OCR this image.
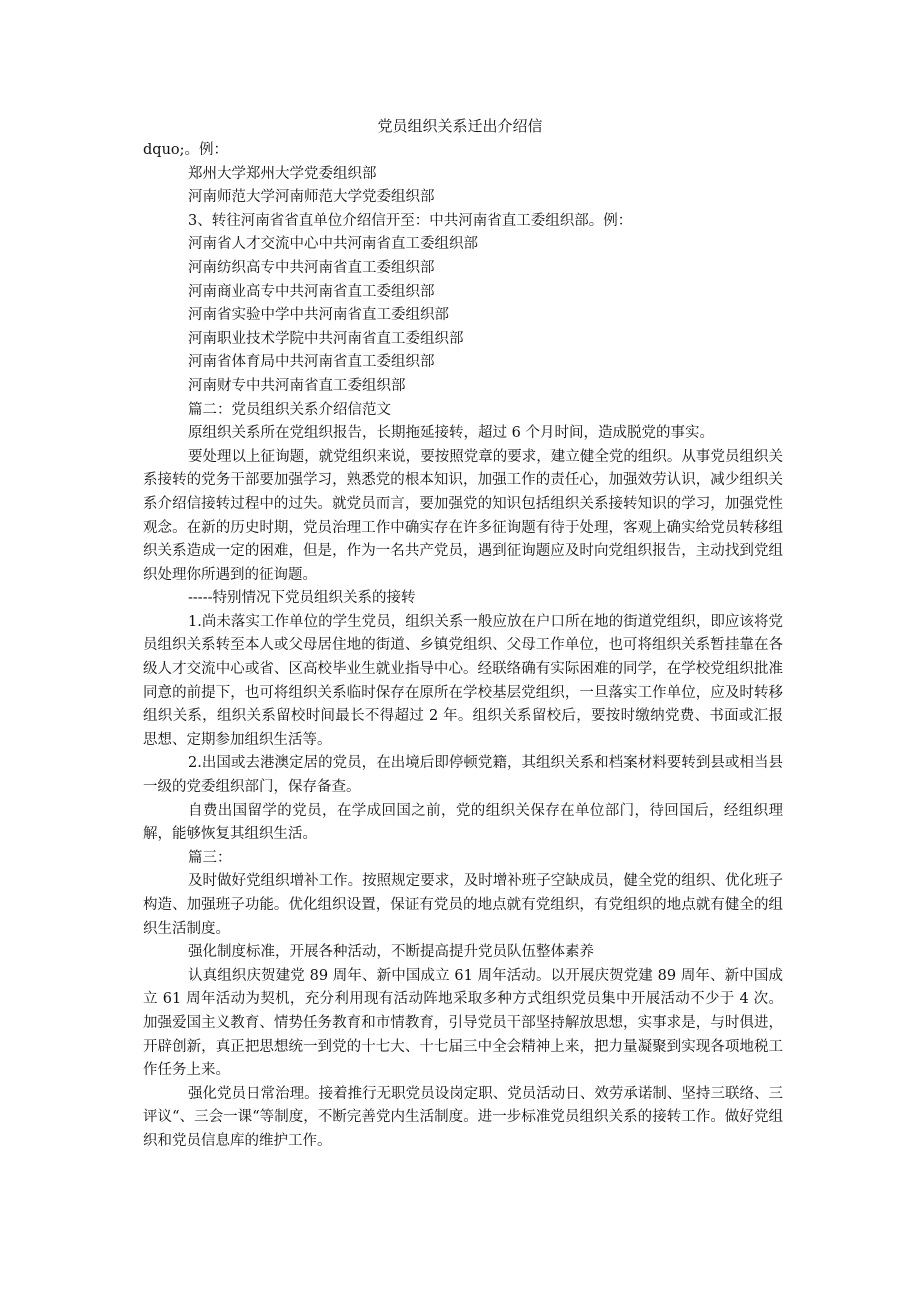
党员组织关系迁出介绍信
dquo;。例：
郑州大学郑州大学党委组织部
河南师范大学河南师范大学党委组织部
3、转往河南省省直单位介绍信开至：中共河南省直工委组织部。例：
河南省人才交流中心中共河南省直工委组织部
河南纺织高专中共河南省直工委组织部
河南商业高专中共河南省直工委组织部
河南省实验中学中共河南省直工委组织部
河南职业技术学院中共河南省直工委组织部
河南省体育局中共河南省直工委组织部
河南财专中共河南省直工委组织部
篇二：党员组织关系介绍信范文
原组织关系所在党组织报告，长期拖延接转，超过 6 个月时间，造成脱党的事实。
要处理以上征询题，就党组织来说，要按照党章的要求，建立健全党的组织。从事党员组织关系接转的党务干部要加强学习，熟悉党的根本知识，加强工作的责任心，加强效劳认识，减少组织关系介绍信接转过程中的过失。就党员而言，要加强党的知识包括组织关系接转知识的学习，加强党性观念。在新的历史时期，党员治理工作中确实存在许多征询题有待于处理，客观上确实给党员转移组织关系造成一定的困难，但是，作为一名共产党员，遇到征询题应及时向党组织报告，主动找到党组织处理你所遇到的征询题。
-----特别情况下党员组织关系的接转
1.尚未落实工作单位的学生党员，组织关系一般应放在户口所在地的街道党组织，即应该将党员组织关系转至本人或父母居住地的街道、乡镇党组织、父母工作单位，也可将组织关系暂挂靠在各级人才交流中心或省、区高校毕业生就业指导中心。经联络确有实际困难的同学，在学校党组织批准同意的前提下，也可将组织关系临时保存在原所在学校基层党组织，一旦落实工作单位，应及时转移组织关系，组织关系留校时间最长不得超过 2 年。组织关系留校后，要按时缴纳党费、书面或汇报思想、定期参加组织生活等。
2.出国或去港澳定居的党员，在出境后即停顿党籍，其组织关系和档案材料要转到县或相当县一级的党委组织部门，保存备查。
自费出国留学的党员，在学成回国之前，党的组织关保存在单位部门，待回国后，经组织理解，能够恢复其组织生活。
篇三：
及时做好党组织增补工作。按照规定要求，及时增补班子空缺成员，健全党的组织、优化班子构造、加强班子功能。优化组织设置，保证有党员的地点就有党组织，有党组织的地点就有健全的组织生活制度。
强化制度标准，开展各种活动，不断提高提升党员队伍整体素养
认真组织庆贺建党 89 周年、新中国成立 61 周年活动。以开展庆贺党建 89 周年、新中国成立 61 周年活动为契机，充分利用现有活动阵地采取多种方式组织党员集中开展活动不少于 4 次。加强爱国主义教育、情势任务教育和市情教育，引导党员干部坚持解放思想，实事求是，与时俱进，开辟创新，真正把思想统一到党的十七大、十七届三中全会精神上来，把力量凝聚到实现各项地税工作任务上来。
强化党员日常治理。接着推行无职党员设岗定职、党员活动日、效劳承诺制、坚持三联络、三评议“、三会一课“等制度，不断完善党内生活制度。进一步标准党员组织关系的接转工作。做好党组织和党员信息库的维护工作。
